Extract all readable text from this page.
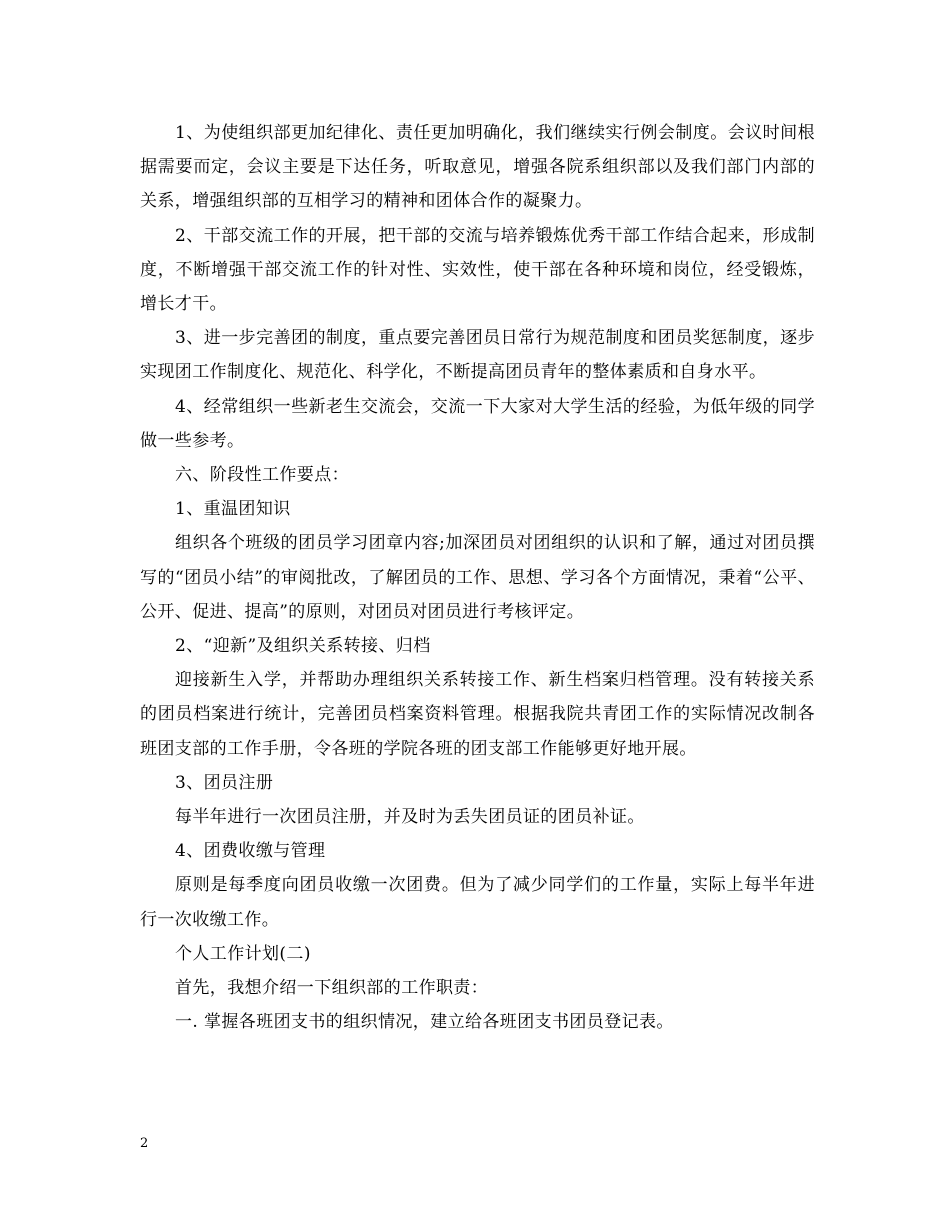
1、为使组织部更加纪律化、责任更加明确化，我们继续实行例会制度。会议时间根据需要而定，会议主要是下达任务，听取意见，增强各院系组织部以及我们部门内部的关系，增强组织部的互相学习的精神和团体合作的凝聚力。

2、干部交流工作的开展，把干部的交流与培养锻炼优秀干部工作结合起来，形成制度，不断增强干部交流工作的针对性、实效性，使干部在各种环境和岗位，经受锻炼，增长才干。

3、进一步完善团的制度，重点要完善团员日常行为规范制度和团员奖惩制度，逐步实现团工作制度化、规范化、科学化，不断提高团员青年的整体素质和自身水平。

4、经常组织一些新老生交流会，交流一下大家对大学生活的经验，为低年级的同学做一些参考。

六、阶段性工作要点：

1、重温团知识

组织各个班级的团员学习团章内容;加深团员对团组织的认识和了解，通过对团员撰写的“团员小结”的审阅批改，了解团员的工作、思想、学习各个方面情况，秉着“公平、公开、促进、提高”的原则，对团员对团员进行考核评定。

2、“迎新”及组织关系转接、归档

迎接新生入学，并帮助办理组织关系转接工作、新生档案归档管理。没有转接关系的团员档案进行统计，完善团员档案资料管理。根据我院共青团工作的实际情况改制各班团支部的工作手册，令各班的学院各班的团支部工作能够更好地开展。

3、团员注册

每半年进行一次团员注册，并及时为丢失团员证的团员补证。

4、团费收缴与管理

原则是每季度向团员收缴一次团费。但为了减少同学们的工作量，实际上每半年进行一次收缴工作。

个人工作计划(二)

首先，我想介绍一下组织部的工作职责：

一. 掌握各班团支书的组织情况，建立给各班团支书团员登记表。

2
